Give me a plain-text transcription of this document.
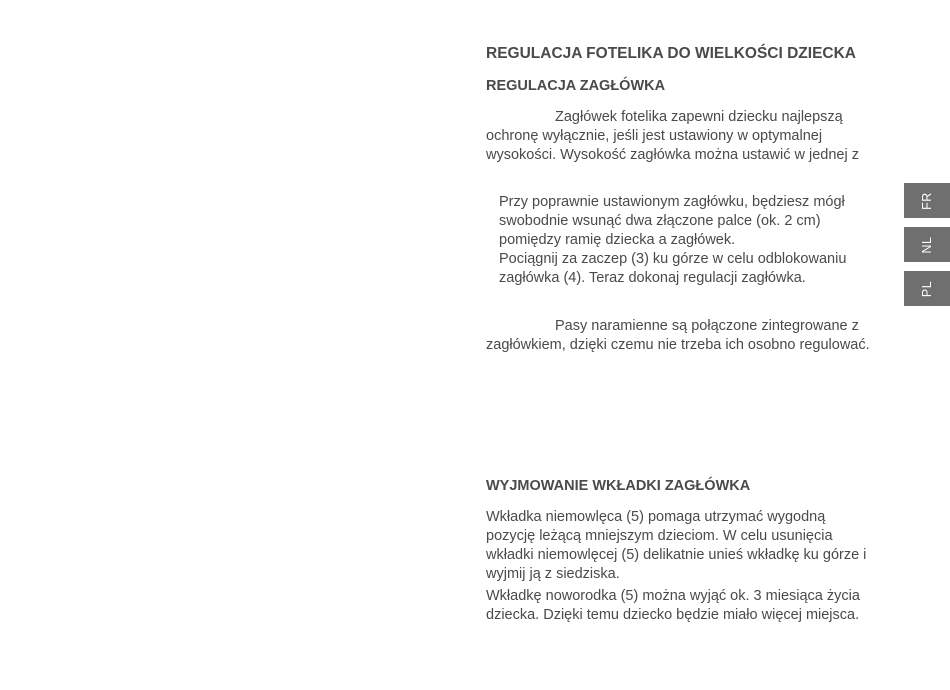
REGULACJA FOTELIKA DO WIELKOŚCI DZIECKA
REGULACJA ZAGŁÓWKA

Zagłówek fotelika zapewni dziecku najlepszą

ochronę wyłącznie, jeśli jest ustawiony w optymalnej

wysokości. Wysokość zagłówka można ustawić w jednej z

Przy poprawnie ustawionym zagłówku, będziesz mógł

swobodnie wsunąć dwa złączone palce (ok. 2 cm)

pomiędzy ramię dziecka a zagłówek.

Pociągnij za zaczep (3) ku górze w celu odblokowaniu

zagłówka (4). Teraz dokonaj regulacji zagłówka.

Pasy naramienne są połączone zintegrowane z

zagłówkiem, dzięki czemu nie trzeba ich osobno regulować.

WYJMOWANIE WKŁADKI ZAGŁÓWKA

Wkładka niemowlęca (5) pomaga utrzymać wygodną

pozycję leżącą mniejszym dzieciom. W celu usunięcia

wkładki niemowlęcej (5) delikatnie unieś wkładkę ku górze i

wyjmij ją z siedziska.

Wkładkę noworodka (5) można wyjąć ok. 3 miesiąca życia

dziecka. Dzięki temu dziecko będzie miało więcej miejsca.

FR
NL
PL
